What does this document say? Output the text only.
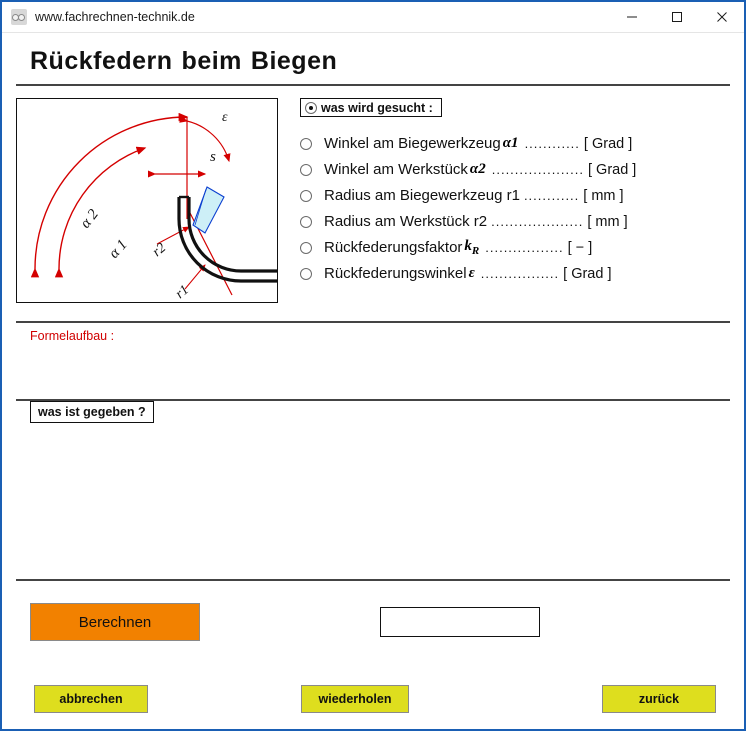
www.fachrechnen-technik.de
Rückfedern beim Biegen
ε
s
α 2
α 1 r2
r1
was wird gesucht :
Winkel am Biegewerkzeug α1 ............ [ Grad ]
Winkel am Werkstück α2 .................... [ Grad ]
Radius am Biegewerkzeug r1 ............ [ mm ]
Radius am Werkstück r2 .................... [ mm ]
Rückfederungsfaktor $k_R$ ................. [ − ]
Rückfederungswinkel ε ................. [ Grad ]
Formelaufbau :
was ist gegeben ?
Berechnen
abbrechen	wiederholen	zurück
